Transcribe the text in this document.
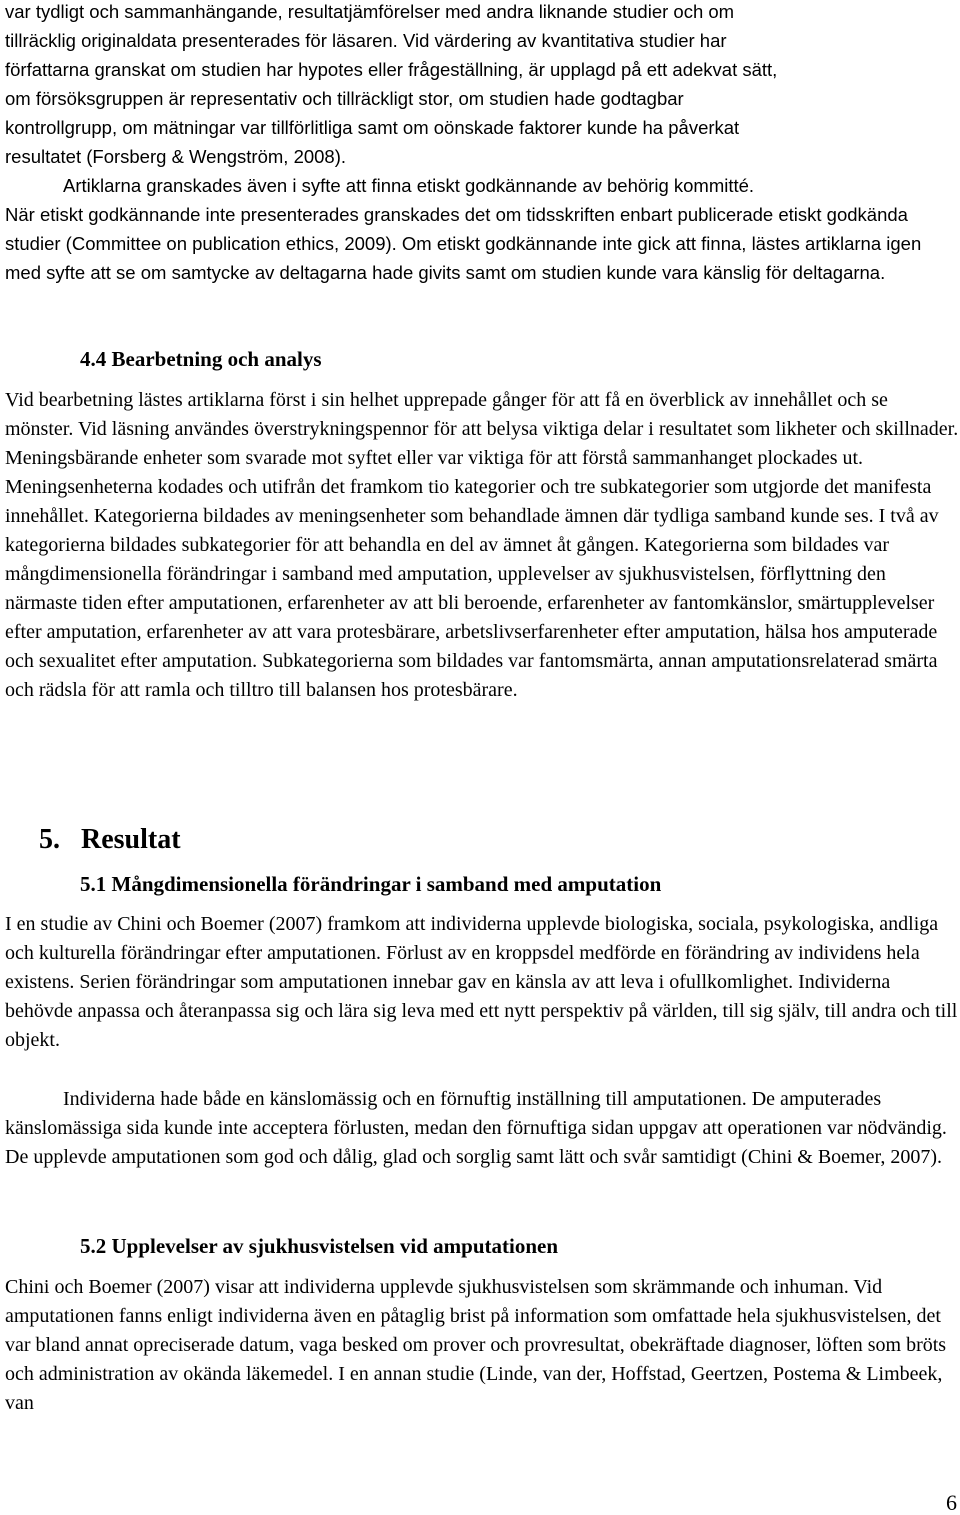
var tydligt och sammanhängande, resultatjämförelser med andra liknande studier och om
tillräcklig originaldata presenterades för läsaren. Vid värdering av kvantitativa studier har
författarna granskat om studien har hypotes eller frågeställning, är upplagd på ett adekvat sätt,
om försöksgruppen är representativ och tillräckligt stor, om studien hade godtagbar
kontrollgrupp, om mätningar var tillförlitliga samt om oönskade faktorer kunde ha påverkat
resultatet (Forsberg & Wengström, 2008).
Artiklarna granskades även i syfte att finna etiskt godkännande av behörig kommitté.

När etiskt godkännande inte presenterades granskades det om tidsskriften enbart publicerade etiskt godkända studier (Committee on publication ethics, 2009). Om etiskt godkännande inte gick att finna, lästes artiklarna igen med syfte att se om samtycke av deltagarna hade givits samt om studien kunde vara känslig för deltagarna.

4.4 Bearbetning och analys

Vid bearbetning lästes artiklarna först i sin helhet upprepade gånger för att få en överblick av innehållet och se mönster. Vid läsning användes överstrykningspennor för att belysa viktiga delar i resultatet som likheter och skillnader. Meningsbärande enheter som svarade mot syftet eller var viktiga för att förstå sammanhanget plockades ut. Meningsenheterna kodades och utifrån det framkom tio kategorier och tre subkategorier som utgjorde det manifesta innehållet. Kategorierna bildades av meningsenheter som behandlade ämnen där tydliga samband kunde ses. I två av kategorierna bildades subkategorier för att behandla en del av ämnet åt gången. Kategorierna som bildades var mångdimensionella förändringar i samband med amputation, upplevelser av sjukhusvistelsen, förflyttning den närmaste tiden efter amputationen, erfarenheter av att bli beroende, erfarenheter av fantomkänslor, smärtupplevelser efter amputation, erfarenheter av att vara protesbärare, arbetslivserfarenheter efter amputation, hälsa hos amputerade och sexualitet efter amputation. Subkategorierna som bildades var fantomsmärta, annan amputationsrelaterad smärta och rädsla för att ramla och tilltro till balansen hos protesbärare.

5. Resultat
5.1 Mångdimensionella förändringar i samband med amputation

I en studie av Chini och Boemer (2007) framkom att individerna upplevde biologiska, sociala, psykologiska, andliga och kulturella förändringar efter amputationen. Förlust av en kroppsdel medförde en förändring av individens hela existens. Serien förändringar som amputationen innebar gav en känsla av att leva i ofullkomlighet. Individerna behövde anpassa och återanpassa sig och lära sig leva med ett nytt perspektiv på världen, till sig själv, till andra och till objekt.

Individerna hade både en känslomässig och en förnuftig inställning till amputationen. De amputerades känslomässiga sida kunde inte acceptera förlusten, medan den förnuftiga sidan uppgav att operationen var nödvändig. De upplevde amputationen som god och dålig, glad och sorglig samt lätt och svår samtidigt (Chini & Boemer, 2007).

5.2 Upplevelser av sjukhusvistelsen vid amputationen

Chini och Boemer (2007) visar att individerna upplevde sjukhusvistelsen som skrämmande och inhuman. Vid amputationen fanns enligt individerna även en påtaglig brist på information som omfattade hela sjukhusvistelsen, det var bland annat opreciserade datum, vaga besked om prover och provresultat, obekräftade diagnoser, löften som bröts och administration av okända läkemedel. I en annan studie (Linde, van der, Hoffstad, Geertzen, Postema & Limbeek, van

6
